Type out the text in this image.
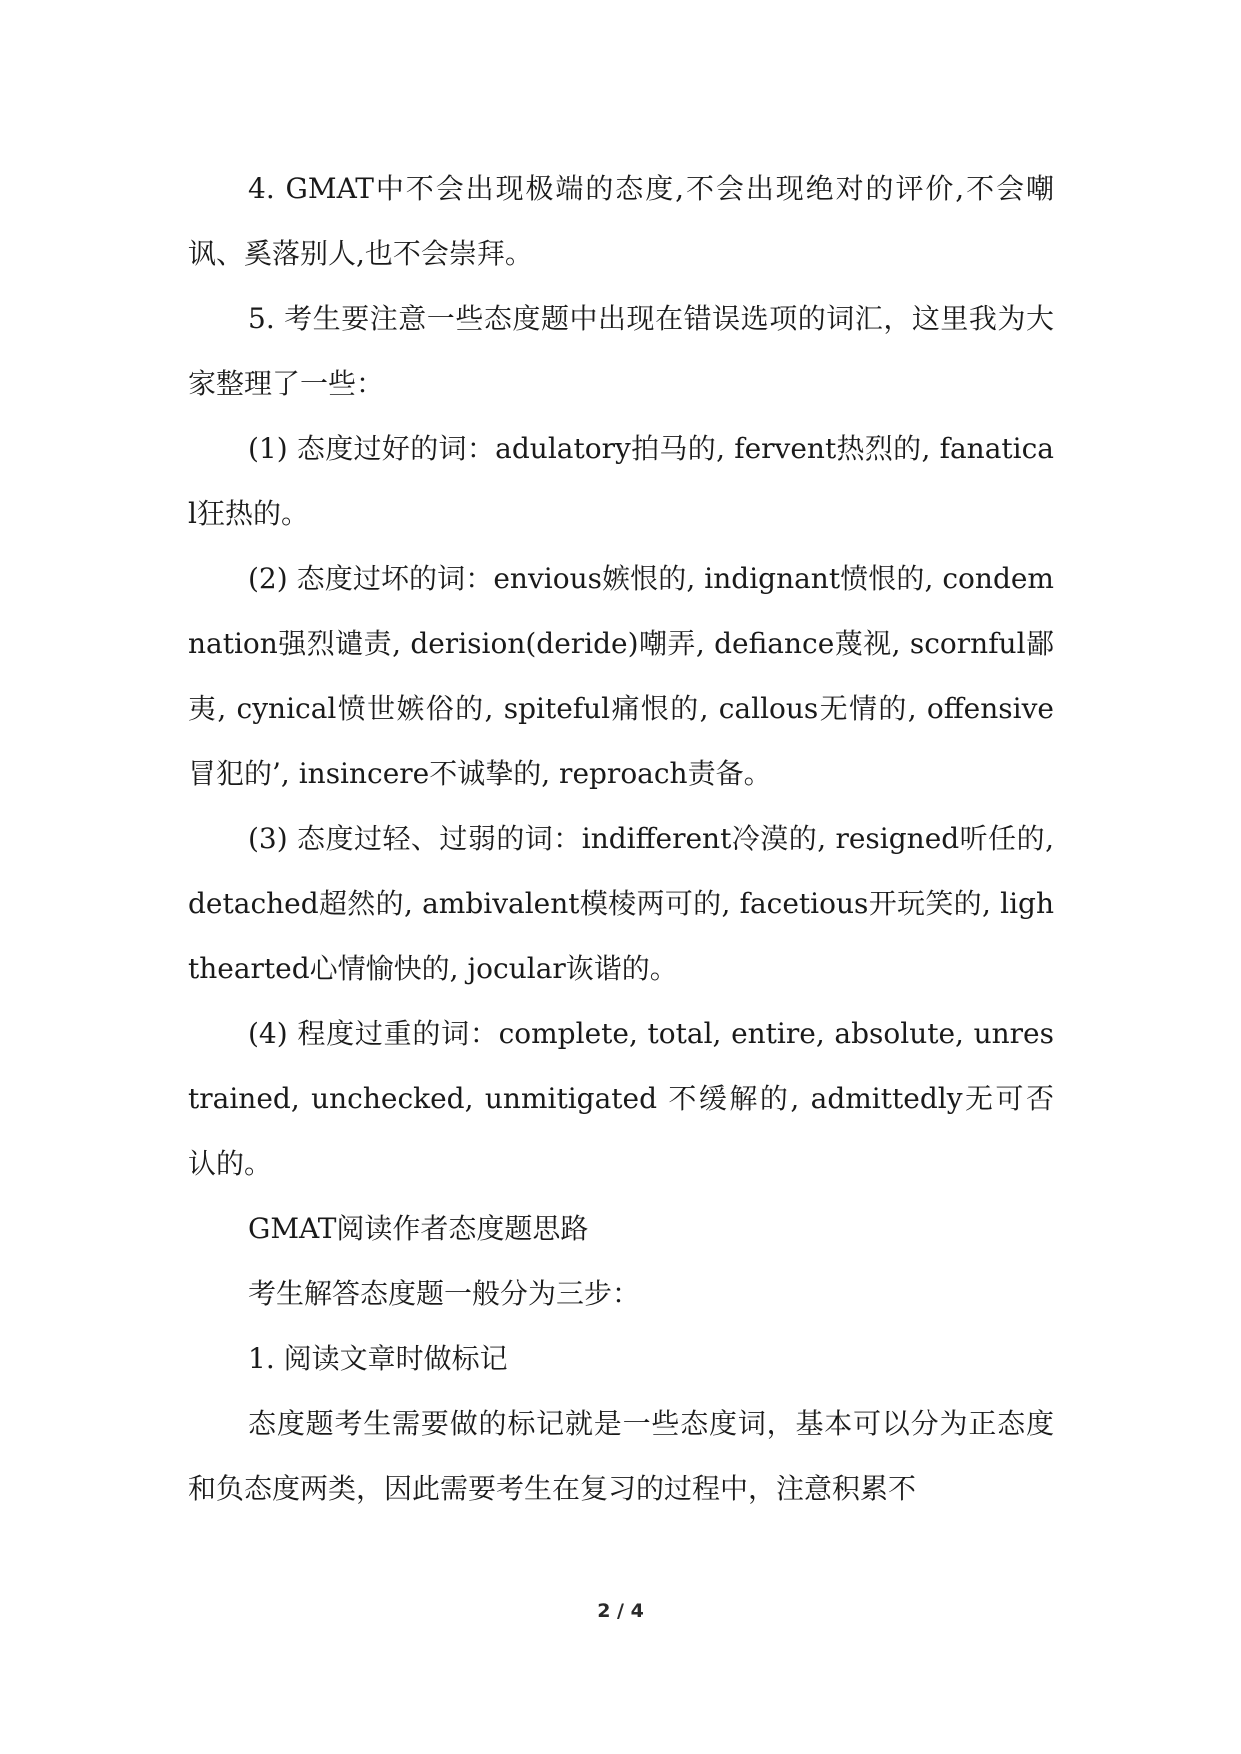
4. GMAT中不会出现极端的态度,不会出现绝对的评价,不会嘲讽、奚落别人,也不会崇拜。

5. 考生要注意一些态度题中出现在错误选项的词汇，这里我为大家整理了一些：

(1) 态度过好的词：adulatory拍马的, fervent热烈的, fanatical狂热的。

(2) 态度过坏的词：envious嫉恨的, indignant愤恨的, condemnation强烈谴责, derision(deride)嘲弄, defiance蔑视, scornful鄙夷, cynical愤世嫉俗的, spiteful痛恨的, callous无情的, offensive冒犯的’, insincere不诚挚的, reproach责备。

(3) 态度过轻、过弱的词：indifferent冷漠的, resigned听任的, detached超然的, ambivalent模棱两可的, facetious开玩笑的, lighthearted心情愉快的, jocular诙谐的。

(4) 程度过重的词：complete, total, entire, absolute, unrestrained, unchecked, unmitigated 不缓解的, admittedly无可否认的。

GMAT阅读作者态度题思路

考生解答态度题一般分为三步：

1. 阅读文章时做标记

态度题考生需要做的标记就是一些态度词，基本可以分为正态度和负态度两类，因此需要考生在复习的过程中，注意积累不

2 / 4
